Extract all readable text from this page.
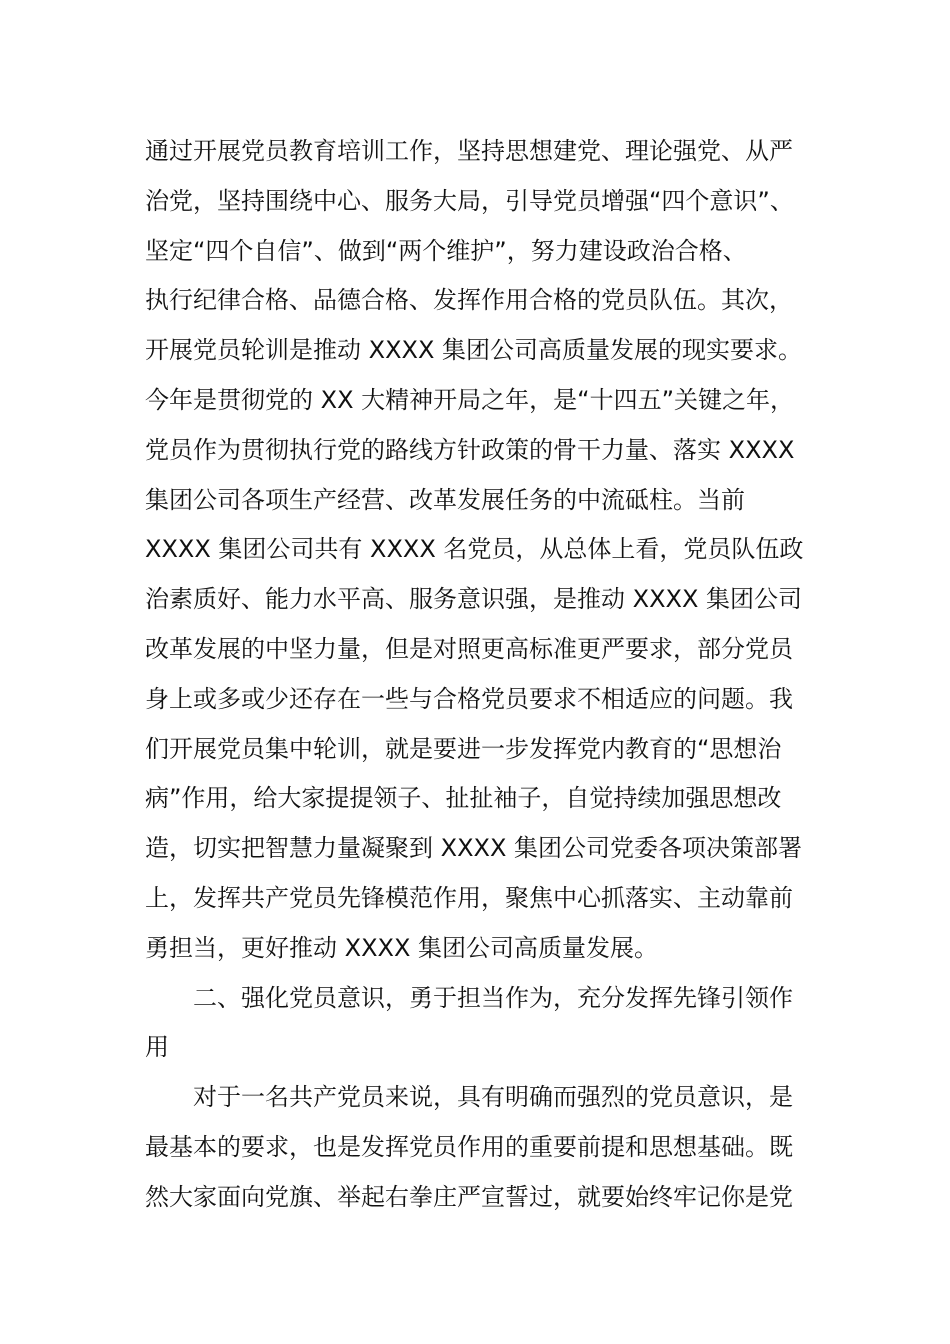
通过开展党员教育培训工作，坚持思想建党、理论强党、从严
治党，坚持围绕中心、服务大局，引导党员增强“四个意识”、
坚定“四个自信”、做到“两个维护”，努力建设政治合格、
执行纪律合格、品德合格、发挥作用合格的党员队伍。其次，
开展党员轮训是推动 XXXX 集团公司高质量发展的现实要求。
今年是贯彻党的 XX 大精神开局之年，是“十四五”关键之年，
党员作为贯彻执行党的路线方针政策的骨干力量、落实 XXXX
集团公司各项生产经营、改革发展任务的中流砥柱。当前
XXXX 集团公司共有 XXXX 名党员，从总体上看，党员队伍政
治素质好、能力水平高、服务意识强，是推动 XXXX 集团公司
改革发展的中坚力量，但是对照更高标准更严要求，部分党员
身上或多或少还存在一些与合格党员要求不相适应的问题。我
们开展党员集中轮训，就是要进一步发挥党内教育的“思想治
病”作用，给大家提提领子、扯扯袖子，自觉持续加强思想改
造，切实把智慧力量凝聚到 XXXX 集团公司党委各项决策部署
上，发挥共产党员先锋模范作用，聚焦中心抓落实、主动靠前
勇担当，更好推动 XXXX 集团公司高质量发展。
二、强化党员意识，勇于担当作为，充分发挥先锋引领作
用
对于一名共产党员来说，具有明确而强烈的党员意识，是
最基本的要求，也是发挥党员作用的重要前提和思想基础。既
然大家面向党旗、举起右拳庄严宣誓过，就要始终牢记你是党
